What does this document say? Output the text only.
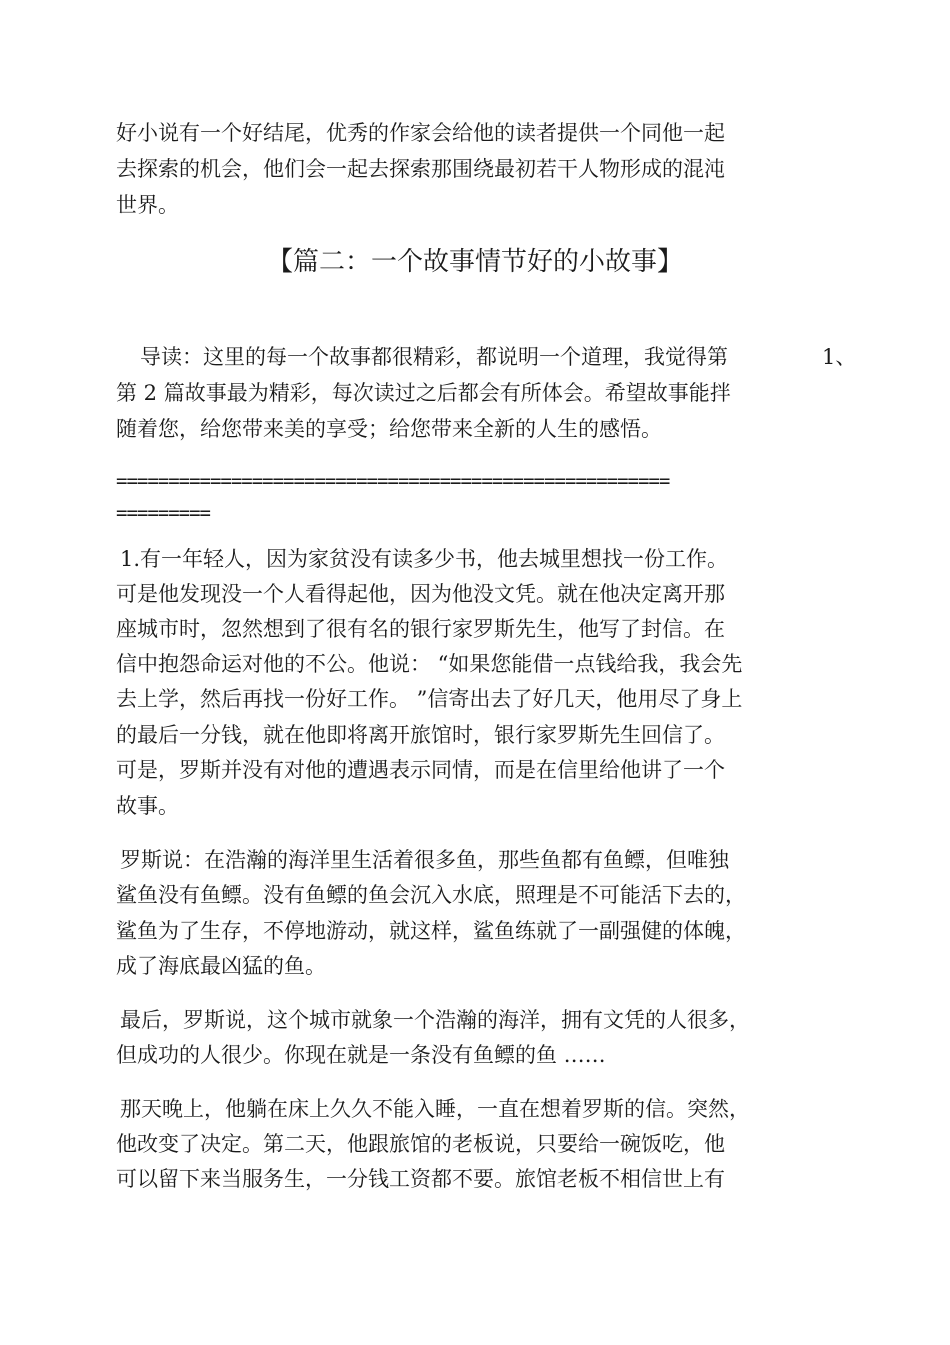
好小说有一个好结尾，优秀的作家会给他的读者提供一个同他一起
去探索的机会，他们会一起去探索那围绕最初若干人物形成的混沌
世界。
【篇二：一个故事情节好的小故事】
导读：这里的每一个故事都很精彩，都说明一个道理，我觉得第	1、
第 2 篇故事最为精彩，每次读过之后都会有所体会。希望故事能拌
随着您，给您带来美的享受；给您带来全新的人生的感悟。
=====================================================
=========
1.有一年轻人，因为家贫没有读多少书，他去城里想找一份工作。
可是他发现没一个人看得起他，因为他没文凭。就在他决定离开那
座城市时，忽然想到了很有名的银行家罗斯先生，他写了封信。在
信中抱怨命运对他的不公。他说： “如果您能借一点钱给我，我会先
去上学，然后再找一份好工作。 ”信寄出去了好几天，他用尽了身上
的最后一分钱，就在他即将离开旅馆时，银行家罗斯先生回信了。
可是，罗斯并没有对他的遭遇表示同情，而是在信里给他讲了一个
故事。
罗斯说：在浩瀚的海洋里生活着很多鱼，那些鱼都有鱼鳔，但唯独
鲨鱼没有鱼鳔。没有鱼鳔的鱼会沉入水底，照理是不可能活下去的，
鲨鱼为了生存，不停地游动，就这样，鲨鱼练就了一副强健的体魄，
成了海底最凶猛的鱼。
最后，罗斯说，这个城市就象一个浩瀚的海洋，拥有文凭的人很多，
但成功的人很少。你现在就是一条没有鱼鳔的鱼 ……
那天晚上，他躺在床上久久不能入睡，一直在想着罗斯的信。突然，
他改变了决定。第二天，他跟旅馆的老板说，只要给一碗饭吃，他
可以留下来当服务生，一分钱工资都不要。旅馆老板不相信世上有
